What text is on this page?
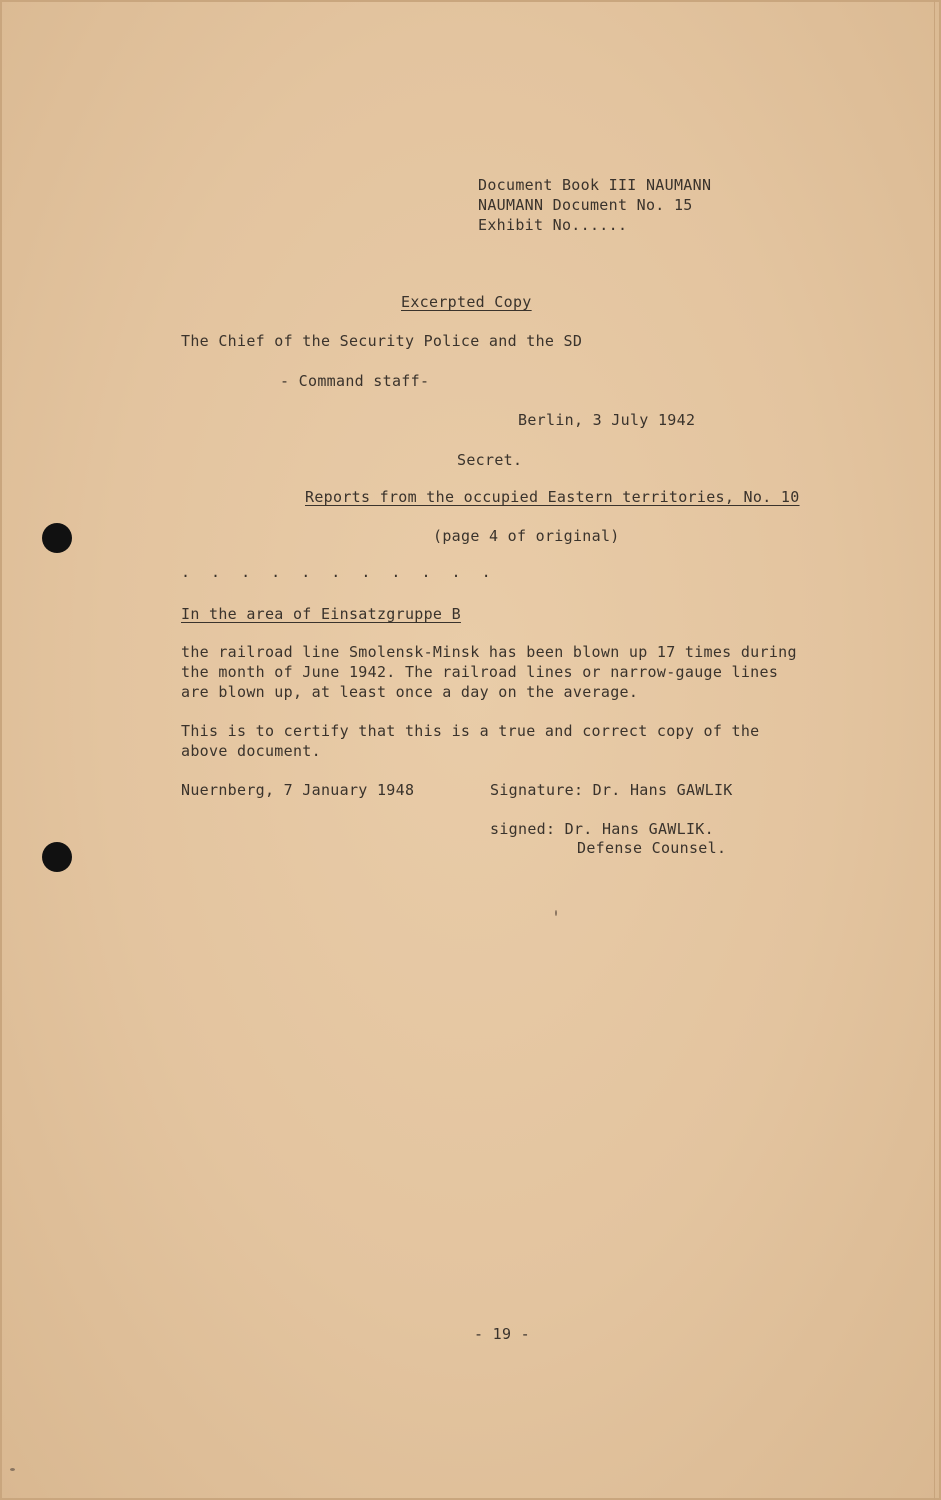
Document Book III NAUMANN
NAUMANN Document No. 15
Exhibit No......
Excerpted Copy
The Chief of the Security Police and the SD
- Command staff-
Berlin, 3 July 1942
Secret.
Reports from the occupied Eastern territories, No. 10
(page 4 of original)
. . . . . . . . . . .
In the area of Einsatzgruppe B
the railroad line Smolensk-Minsk has been blown up 17 times during
the month of June 1942. The railroad lines or narrow-gauge lines
are blown up, at least once a day on the average.
This is to certify that this is a true and correct copy of the
above document.
Nuernberg, 7 January 1948	Signature: Dr. Hans GAWLIK
signed: Dr. Hans GAWLIK.
Defense Counsel.
- 19 -
